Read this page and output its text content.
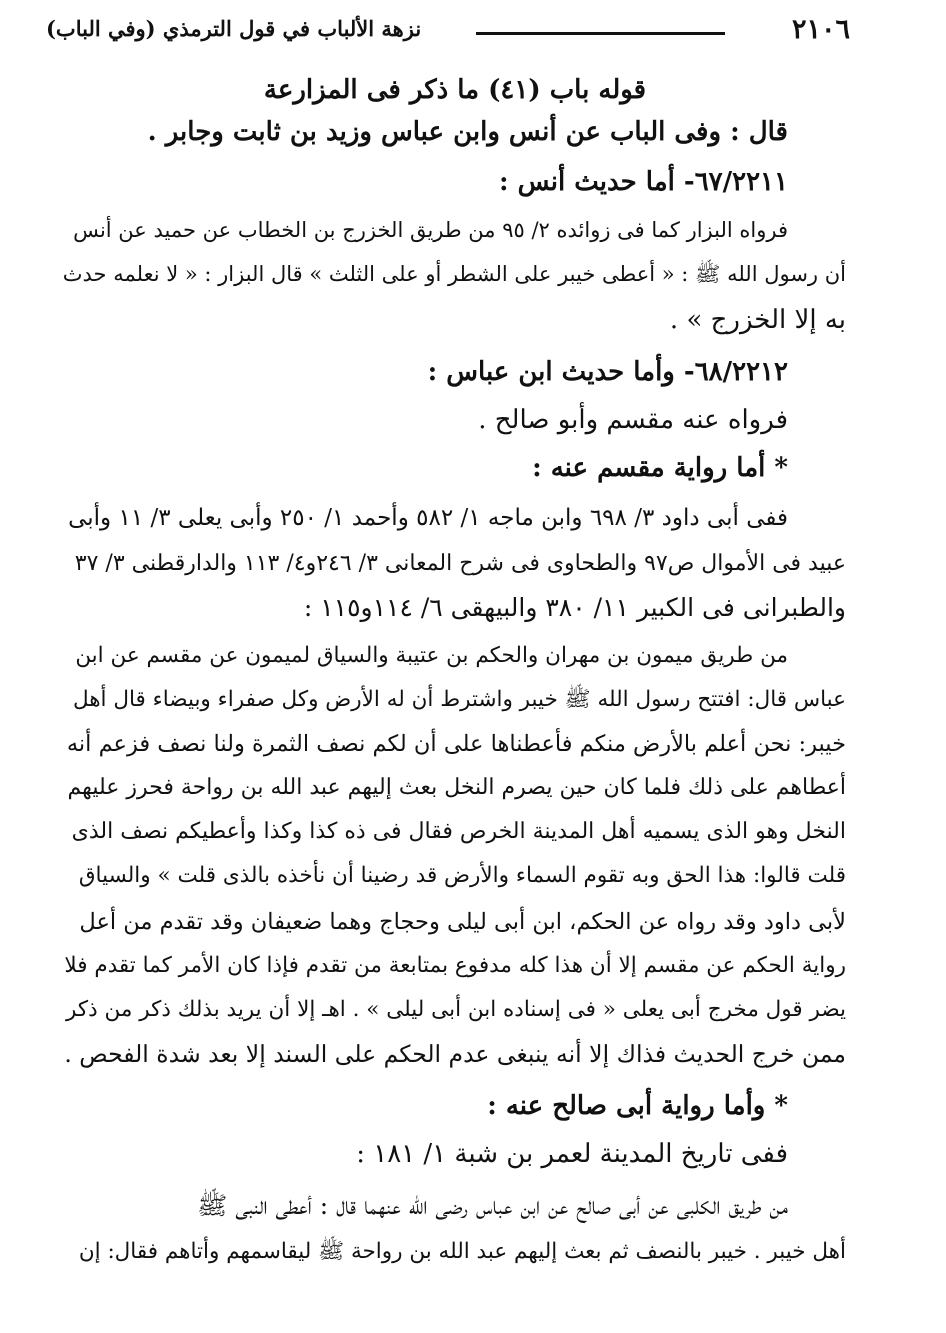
٢١٠٦
نزهة الألباب في قول الترمذي (وفي الباب)
قوله باب (٤١) ما ذكر فى المزارعة
قال : وفى الباب عن أنس وابن عباس وزيد بن ثابت وجابر .
٦٧/٢٢١١- أما حديث أنس :
فرواه البزار كما فى زوائده ٢/ ٩٥ من طريق الخزرج بن الخطاب عن حميد عن أنس
أن رسول الله ﷺ : « أعطى خيبر على الشطر أو على الثلث » قال البزار : « لا نعلمه حدث
به إلا الخزرج » .
٦٨/٢٢١٢- وأما حديث ابن عباس :
فرواه عنه مقسم وأبو صالح .
* أما رواية مقسم عنه :
ففى أبى داود ٣/ ٦٩٨ وابن ماجه ١/ ٥٨٢ وأحمد ١/ ٢٥٠ وأبى يعلى ٣/ ١١ وأبى
عبيد فى الأموال ص٩٧ والطحاوى فى شرح المعانى ٣/ ٢٤٦و٤/ ١١٣ والدارقطنى ٣/ ٣٧
والطبرانى فى الكبير ١١/ ٣٨٠ والبيهقى ٦/ ١١٤و١١٥ :
من طريق ميمون بن مهران والحكم بن عتيبة والسياق لميمون عن مقسم عن ابن
عباس قال: افتتح رسول الله ﷺ خيبر واشترط أن له الأرض وكل صفراء وبيضاء قال أهل
خيبر: نحن أعلم بالأرض منكم فأعطناها على أن لكم نصف الثمرة ولنا نصف فزعم أنه
أعطاهم على ذلك فلما كان حين يصرم النخل بعث إليهم عبد الله بن رواحة فحرز عليهم
النخل وهو الذى يسميه أهل المدينة الخرص فقال فى ذه كذا وكذا وأعطيكم نصف الذى
قلت قالوا: هذا الحق وبه تقوم السماء والأرض قد رضينا أن نأخذه بالذى قلت » والسياق
لأبى داود وقد رواه عن الحكم، ابن أبى ليلى وحجاج وهما ضعيفان وقد تقدم من أعل
رواية الحكم عن مقسم إلا أن هذا كله مدفوع بمتابعة من تقدم فإذا كان الأمر كما تقدم فلا
يضر قول مخرج أبى يعلى « فى إسناده ابن أبى ليلى » . اهـ إلا أن يريد بذلك ذكر من ذكر
ممن خرج الحديث فذاك إلا أنه ينبغى عدم الحكم على السند إلا بعد شدة الفحص .
* وأما رواية أبى صالح عنه :
ففى تاريخ المدينة لعمر بن شبة ١/ ١٨١ :
من طريق الكلبى عن أبى صالح عن ابن عباس رضى الله عنهما قال : أعطى النبى ﷺ
أهل خيبر . خيبر بالنصف ثم بعث إليهم عبد الله بن رواحة ﷺ ليقاسمهم وأتاهم فقال: إن
